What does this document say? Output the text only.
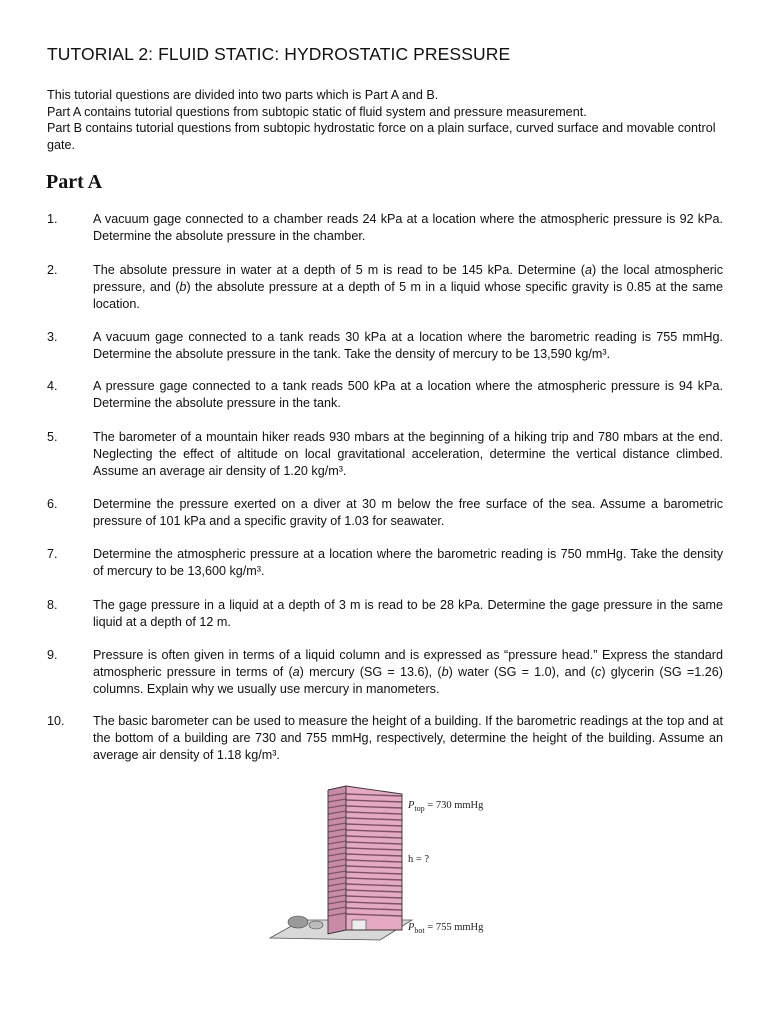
TUTORIAL 2: FLUID STATIC: HYDROSTATIC PRESSURE

This tutorial questions are divided into two parts which is Part A and B.

Part A contains tutorial questions from subtopic static of fluid system and pressure measurement.

Part B contains tutorial questions from subtopic hydrostatic force on a plain surface, curved surface and movable control gate.

Part A
1.	A vacuum gage connected to a chamber reads 24 kPa at a location where the atmospheric pressure is 92 kPa. Determine the absolute pressure in the chamber.
2.	The absolute pressure in water at a depth of 5 m is read to be 145 kPa. Determine (a) the local atmospheric pressure, and (b) the absolute pressure at a depth of 5 m in a liquid whose specific gravity is 0.85 at the same location.
3.	A vacuum gage connected to a tank reads 30 kPa at a location where the barometric reading is 755 mmHg. Determine the absolute pressure in the tank. Take the density of mercury to be 13,590 kg/m³.
4.	A pressure gage connected to a tank reads 500 kPa at a location where the atmospheric pressure is 94 kPa. Determine the absolute pressure in the tank.
5.	The barometer of a mountain hiker reads 930 mbars at the beginning of a hiking trip and 780 mbars at the end. Neglecting the effect of altitude on local gravitational acceleration, determine the vertical distance climbed. Assume an average air density of 1.20 kg/m³.
6.	Determine the pressure exerted on a diver at 30 m below the free surface of the sea. Assume a barometric pressure of 101 kPa and a specific gravity of 1.03 for seawater.
7.	Determine the atmospheric pressure at a location where the barometric reading is 750 mmHg. Take the density of mercury to be 13,600 kg/m³.
8.	The gage pressure in a liquid at a depth of 3 m is read to be 28 kPa. Determine the gage pressure in the same liquid at a depth of 12 m.
9.	Pressure is often given in terms of a liquid column and is expressed as “pressure head.” Express the standard atmospheric pressure in terms of (a) mercury (SG = 13.6), (b) water (SG = 1.0), and (c) glycerin (SG =1.26) columns. Explain why we usually use mercury in manometers.
10. The basic barometer can be used to measure the height of a building. If the barometric readings at the top and at the bottom of a building are 730 and 755 mmHg, respectively, determine the height of the building. Assume an average air density of 1.18 kg/m³.
$P_{top} = 730$ mmHg
h = ?
$P_{bot} = 755$ mmHg
